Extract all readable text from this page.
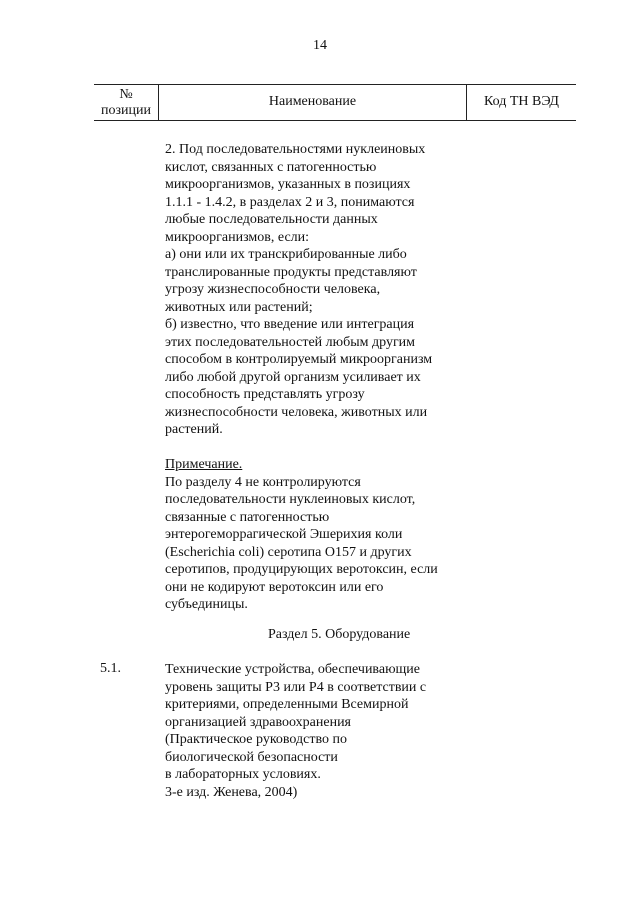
14
№
позиции
Наименование	Код ТН ВЭД
2. Под последовательностями нуклеиновых
кислот, связанных с патогенностью
микроорганизмов, указанных в позициях
1.1.1 - 1.4.2, в разделах 2 и 3, понимаются
любые последовательности данных
микроорганизмов, если:
а) они или их транскрибированные либо
транслированные продукты представляют
угрозу жизнеспособности человека,
животных или растений;
б) известно, что введение или интеграция
этих последовательностей любым другим
способом в контролируемый микроорганизм
либо любой другой организм усиливает их
способность представлять угрозу
жизнеспособности человека, животных или
растений.
Примечание.
По разделу 4 не контролируются
последовательности нуклеиновых кислот,
связанные с патогенностью
энтерогеморрагической Эшерихия коли
(Escherichia coli) серотипа O157 и других
серотипов, продуцирующих веротоксин, если
они не кодируют веротоксин или его
субъединицы.
Раздел 5. Оборудование
5.1.	Технические устройства, обеспечивающие
уровень защиты Р3 или Р4 в соответствии с
критериями, определенными Всемирной
организацией здравоохранения
(Практическое руководство по
биологической безопасности
в лабораторных условиях.
3-е изд. Женева, 2004)
